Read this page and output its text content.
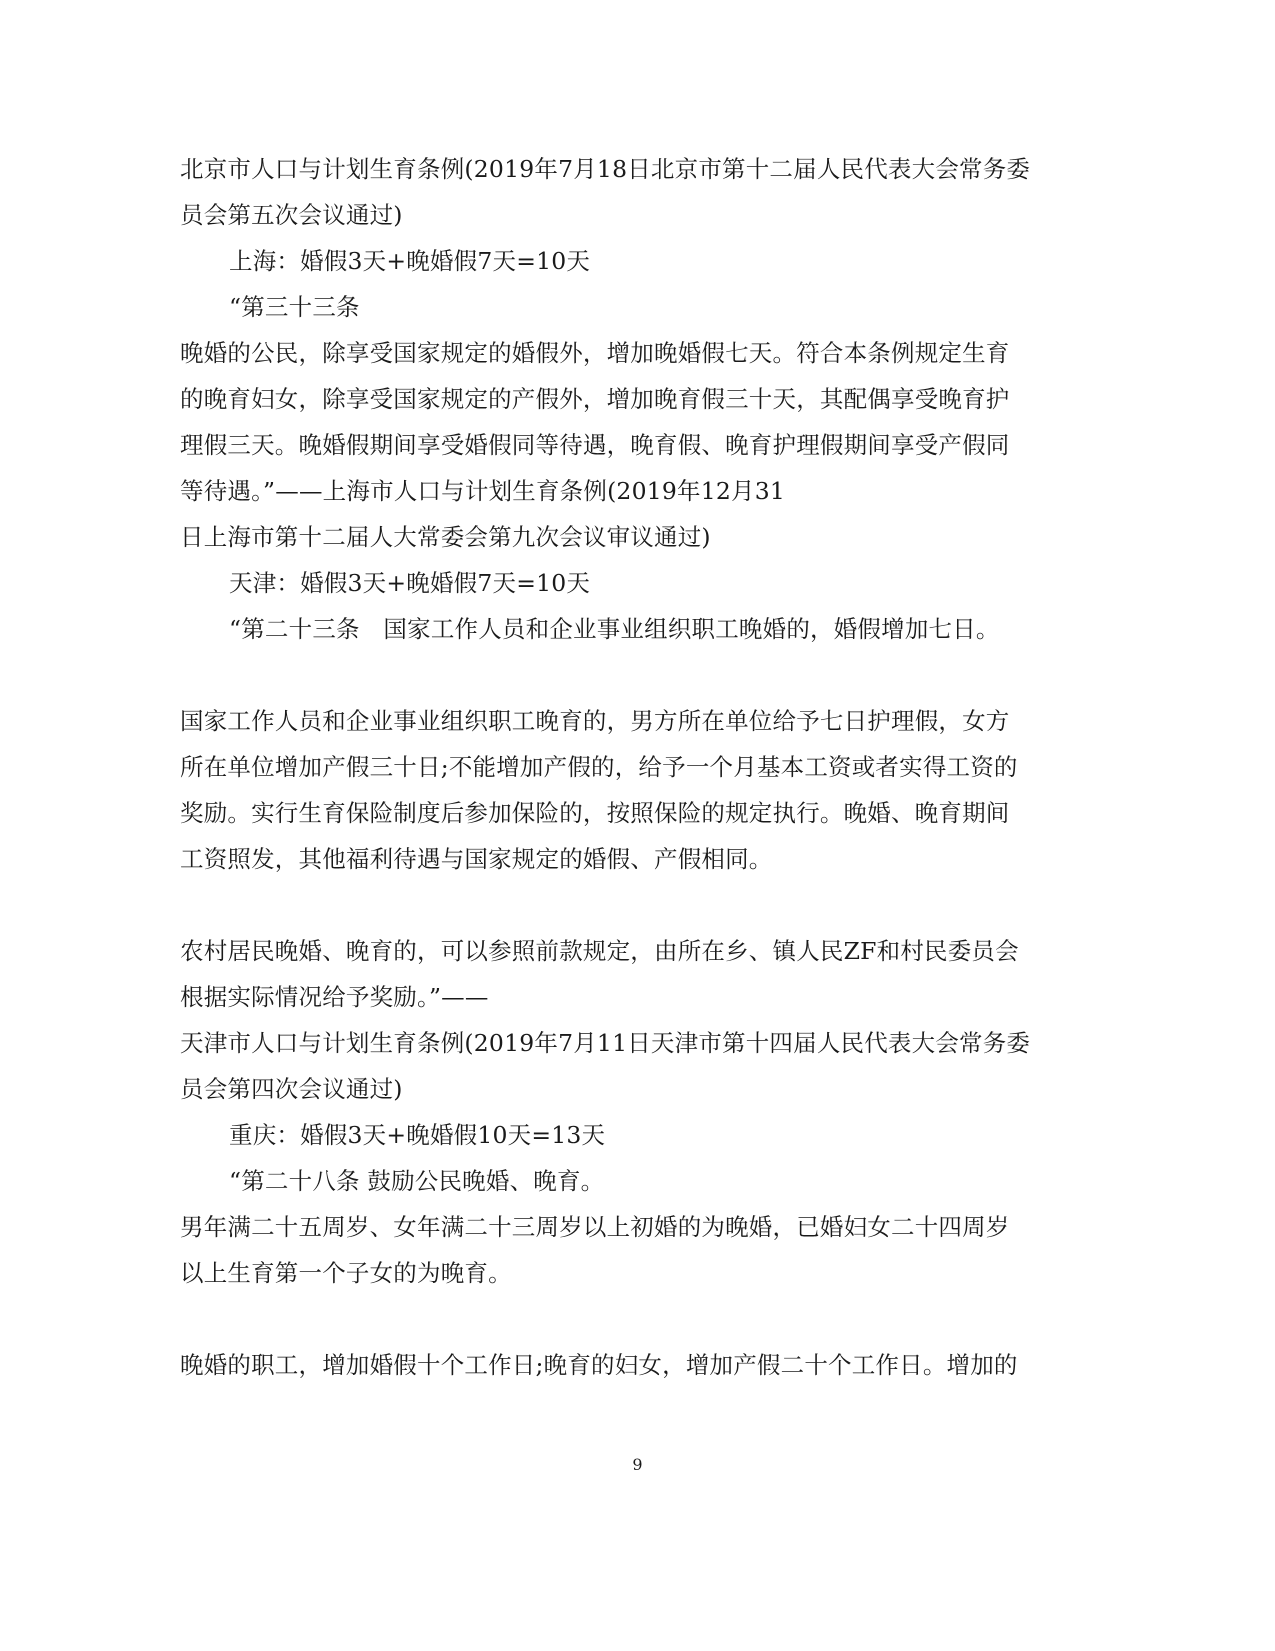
北京市人口与计划生育条例(2019年7月18日北京市第十二届人民代表大会常务委
员会第五次会议通过)
上海：婚假3天+晚婚假7天=10天
“第三十三条
晚婚的公民，除享受国家规定的婚假外，增加晚婚假七天。符合本条例规定生育
的晚育妇女，除享受国家规定的产假外，增加晚育假三十天，其配偶享受晚育护
理假三天。晚婚假期间享受婚假同等待遇，晚育假、晚育护理假期间享受产假同
等待遇。”——上海市人口与计划生育条例(2019年12月31
日上海市第十二届人大常委会第九次会议审议通过)
天津：婚假3天+晚婚假7天=10天
“第二十三条　国家工作人员和企业事业组织职工晚婚的，婚假增加七日。
国家工作人员和企业事业组织职工晚育的，男方所在单位给予七日护理假，女方
所在单位增加产假三十日;不能增加产假的，给予一个月基本工资或者实得工资的
奖励。实行生育保险制度后参加保险的，按照保险的规定执行。晚婚、晚育期间
工资照发，其他福利待遇与国家规定的婚假、产假相同。
农村居民晚婚、晚育的，可以参照前款规定，由所在乡、镇人民ZF和村民委员会
根据实际情况给予奖励。”——
天津市人口与计划生育条例(2019年7月11日天津市第十四届人民代表大会常务委
员会第四次会议通过)
重庆：婚假3天+晚婚假10天=13天
“第二十八条 鼓励公民晚婚、晚育。
男年满二十五周岁、女年满二十三周岁以上初婚的为晚婚，已婚妇女二十四周岁
以上生育第一个子女的为晚育。
晚婚的职工，增加婚假十个工作日;晚育的妇女，增加产假二十个工作日。增加的
9
